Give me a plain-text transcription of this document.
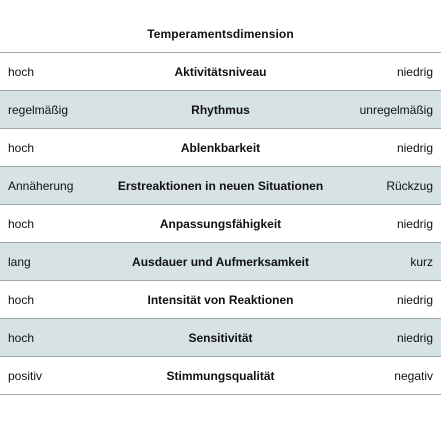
Temperamentsdimension
hoch	Aktivitätsniveau	niedrig
regelmäßig	Rhythmus	unregelmäßig
hoch	Ablenkbarkeit	niedrig
Annäherung	Erstreaktionen in neuen Situationen	Rückzug
hoch	Anpassungsfähigkeit	niedrig
lang	Ausdauer und Aufmerksamkeit	kurz
hoch	Intensität von Reaktionen	niedrig
hoch	Sensitivität	niedrig
positiv	Stimmungsqualität	negativ
